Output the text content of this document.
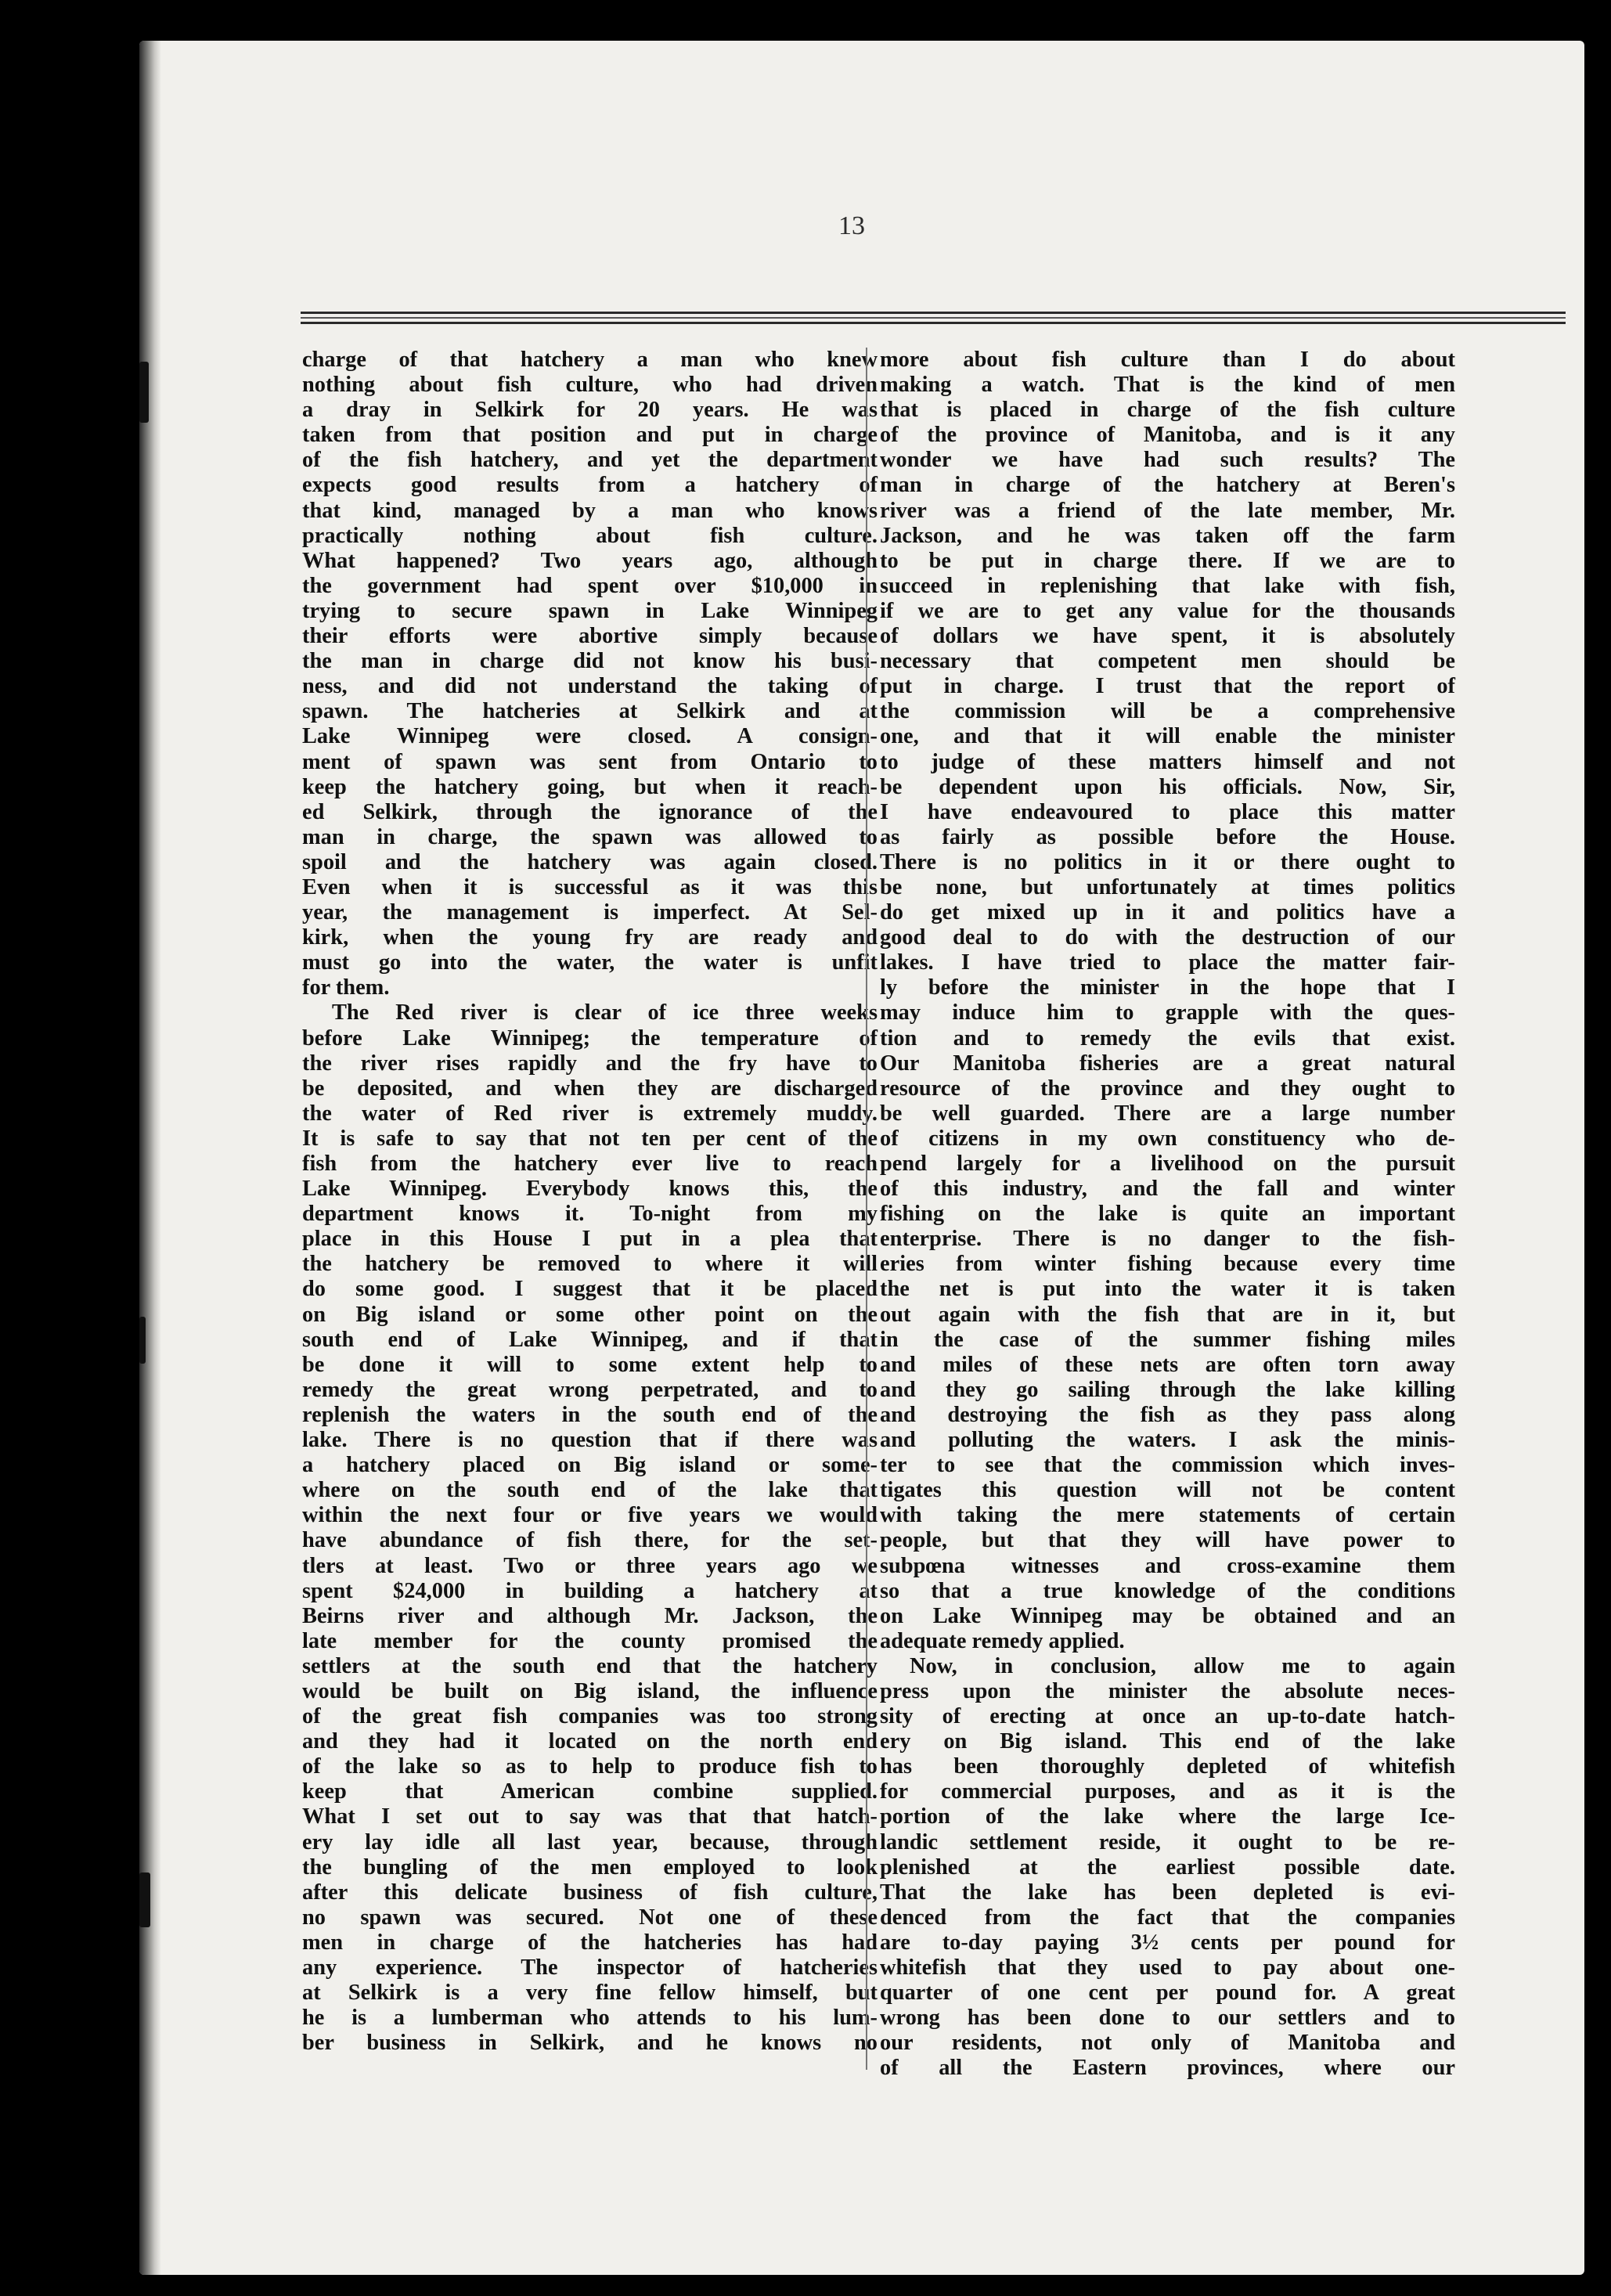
13
charge of that hatchery a man who knew
nothing about fish culture, who had driven
a dray in Selkirk for 20 years. He was
taken from that position and put in charge
of the fish hatchery, and yet the department
expects good results from a hatchery of
that kind, managed by a man who knows
practically nothing about fish culture.
What happened? Two years ago, although
the government had spent over $10,000 in
trying to secure spawn in Lake Winnipeg
their efforts were abortive simply because
the man in charge did not know his busi-
ness, and did not understand the taking of
spawn. The hatcheries at Selkirk and at
Lake Winnipeg were closed. A consign-
ment of spawn was sent from Ontario to
keep the hatchery going, but when it reach-
ed Selkirk, through the ignorance of the
man in charge, the spawn was allowed to
spoil and the hatchery was again closed.
Even when it is successful as it was this
year, the management is imperfect. At Sel-
kirk, when the young fry are ready and
must go into the water, the water is unfit
for them.
The Red river is clear of ice three weeks
before Lake Winnipeg; the temperature of
the river rises rapidly and the fry have to
be deposited, and when they are discharged
the water of Red river is extremely muddy.
It is safe to say that not ten per cent of the
fish from the hatchery ever live to reach
Lake Winnipeg. Everybody knows this, the
department knows it. To-night from my
place in this House I put in a plea that
the hatchery be removed to where it will
do some good. I suggest that it be placed
on Big island or some other point on the
south end of Lake Winnipeg, and if that
be done it will to some extent help to
remedy the great wrong perpetrated, and to
replenish the waters in the south end of the
lake. There is no question that if there was
a hatchery placed on Big island or some-
where on the south end of the lake that
within the next four or five years we would
have abundance of fish there, for the set-
tlers at least. Two or three years ago we
spent $24,000 in building a hatchery at
Beirns river and although Mr. Jackson, the
late member for the county promised the
settlers at the south end that the hatchery
would be built on Big island, the influence
of the great fish companies was too strong
and they had it located on the north end
of the lake so as to help to produce fish to
keep that American combine supplied.
What I set out to say was that that hatch-
ery lay idle all last year, because, through
the bungling of the men employed to look
after this delicate business of fish culture,
no spawn was secured. Not one of these
men in charge of the hatcheries has had
any experience. The inspector of hatcheries
at Selkirk is a very fine fellow himself, but
he is a lumberman who attends to his lum-
ber business in Selkirk, and he knows no
more about fish culture than I do about
making a watch. That is the kind of men
that is placed in charge of the fish culture
of the province of Manitoba, and is it any
wonder we have had such results? The
man in charge of the hatchery at Beren's
river was a friend of the late member, Mr.
Jackson, and he was taken off the farm
to be put in charge there. If we are to
succeed in replenishing that lake with fish,
if we are to get any value for the thousands
of dollars we have spent, it is absolutely
necessary that competent men should be
put in charge. I trust that the report of
the commission will be a comprehensive
one, and that it will enable the minister
to judge of these matters himself and not
be dependent upon his officials. Now, Sir,
I have endeavoured to place this matter
as fairly as possible before the House.
There is no politics in it or there ought to
be none, but unfortunately at times politics
do get mixed up in it and politics have a
good deal to do with the destruction of our
lakes. I have tried to place the matter fair-
ly before the minister in the hope that I
may induce him to grapple with the ques-
tion and to remedy the evils that exist.
Our Manitoba fisheries are a great natural
resource of the province and they ought to
be well guarded. There are a large number
of citizens in my own constituency who de-
pend largely for a livelihood on the pursuit
of this industry, and the fall and winter
fishing on the lake is quite an important
enterprise. There is no danger to the fish-
eries from winter fishing because every time
the net is put into the water it is taken
out again with the fish that are in it, but
in the case of the summer fishing miles
and miles of these nets are often torn away
and they go sailing through the lake killing
and destroying the fish as they pass along
and polluting the waters. I ask the minis-
ter to see that the commission which inves-
tigates this question will not be content
with taking the mere statements of certain
people, but that they will have power to
subpœna witnesses and cross-examine them
so that a true knowledge of the conditions
on Lake Winnipeg may be obtained and an
adequate remedy applied.
Now, in conclusion, allow me to again
press upon the minister the absolute neces-
sity of erecting at once an up-to-date hatch-
ery on Big island. This end of the lake
has been thoroughly depleted of whitefish
for commercial purposes, and as it is the
portion of the lake where the large Ice-
landic settlement reside, it ought to be re-
plenished at the earliest possible date.
That the lake has been depleted is evi-
denced from the fact that the companies
are to-day paying 3½ cents per pound for
whitefish that they used to pay about one-
quarter of one cent per pound for. A great
wrong has been done to our settlers and to
our residents, not only of Manitoba and
of all the Eastern provinces, where our
